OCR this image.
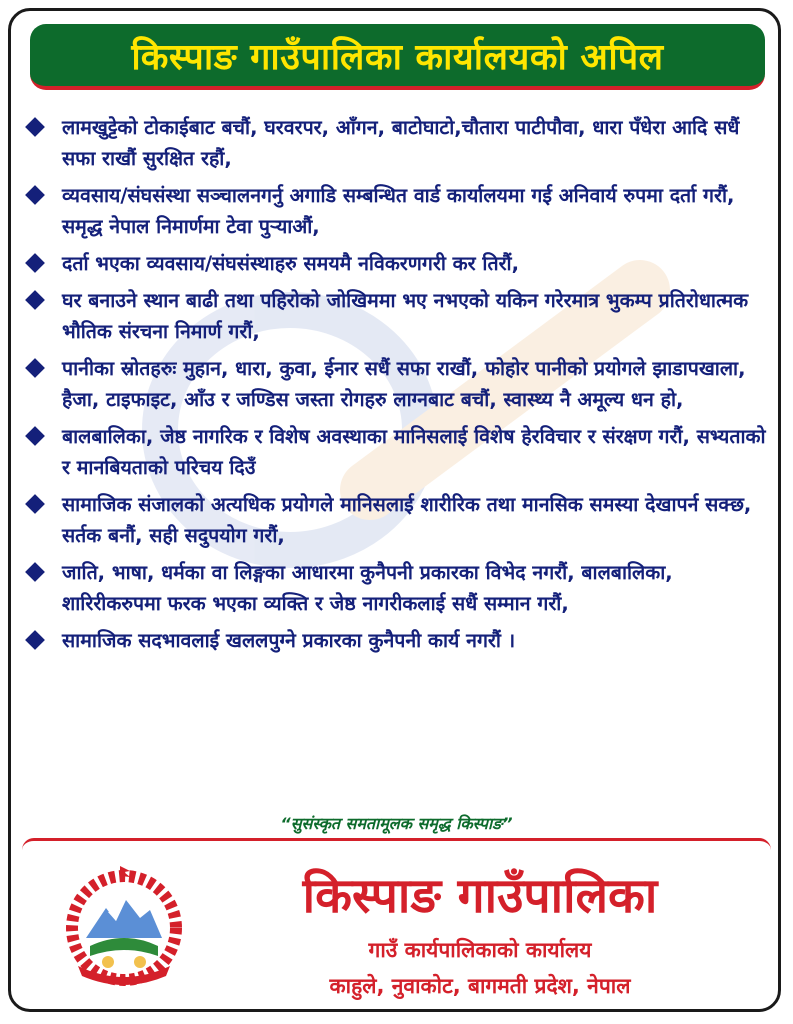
किस्पाङ गाउँपालिका कार्यालयको अपिल
लामखुट्टेको टोकाईबाट बचौं, घरवरपर, आँगन, बाटोघाटो,चौतारा पाटीपौवा, धारा पँधेरा आदि सधैं सफा राखौं सुरक्षित रहौं,
व्यवसाय/संघसंस्था सञ्चालनगर्नु अगाडि सम्बन्धित वार्ड कार्यालयमा गई अनिवार्य रुपमा दर्ता गरौं, समृद्ध नेपाल निमार्णमा टेवा पुऱ्याऔं,
दर्ता भएका व्यवसाय/संघसंस्थाहरु समयमै नविकरणगरी कर तिरौं,
घर बनाउने स्थान बाढी तथा पहिरोको जोखिममा भए नभएको यकिन गरेरमात्र भुकम्प प्रतिरोधात्मक भौतिक संरचना निमार्ण गरौं,
पानीका स्रोतहरुः मुहान, धारा, कुवा, ईनार सधैं सफा राखौं, फोहोर पानीको प्रयोगले झाडापखाला, हैजा, टाइफाइट, आँउ र जण्डिस जस्ता रोगहरु लाग्नबाट बचौं, स्वास्थ्य नै अमूल्य धन हो,
बालबालिका, जेष्ठ नागरिक र विशेष अवस्थाका मानिसलाई विशेष हेरविचार र संरक्षण गरौं, सभ्यताको र मानबियताको परिचय दिउँ
सामाजिक संजालको अत्यधिक प्रयोगले मानिसलाई शारीरिक तथा मानसिक समस्या देखापर्न सक्छ, सर्तक बनौं, सही सदुपयोग गरौं,
जाति, भाषा, धर्मका वा लिङ्गका आधारमा कुनैपनी प्रकारका विभेद नगरौं, बालबालिका, शारिरीकरुपमा फरक भएका व्यक्ति र जेष्ठ नागरीकलाई सधैं सम्मान गरौं,
सामाजिक सदभावलाई खललपुग्ने प्रकारका कुनैपनी कार्य नगरौं ।
“सुसंस्कृत समतामूलक समृद्ध किस्पाङ”
किस्पाङ गाउँपालिका
गाउँ कार्यपालिकाको कार्यालय
काहुले, नुवाकोट, बागमती प्रदेश, नेपाल
